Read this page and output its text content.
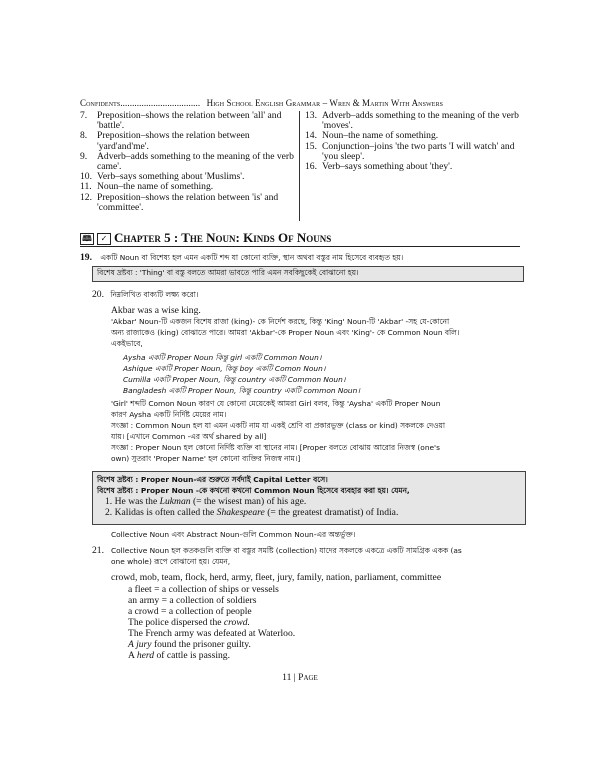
Confidents.................................. High School English Grammar – Wren & Martin With Answers
7. Preposition–shows the relation between 'all' and 'battle'.
8. Preposition–shows the relation between 'yard'and'me'.
9. Adverb–adds something to the meaning of the verb came'.
10. Verb–says something about 'Muslims'.
11. Noun–the name of something.
12. Preposition–shows the relation between 'is' and 'committee'.
13. Adverb–adds something to the meaning of the verb 'moves'.
14. Noun–the name of something.
15. Conjunction–joins 'the two parts 'I will watch' and 'you sleep'.
16. Verb–says something about 'they'.
🕮 ✓ Chapter 5 : The Noun: Kinds Of Nouns
19. একটি Noun বা বিশেষ্য হল এমন একটি শব্দ যা কোনো ব্যক্তি, স্থান অথবা বস্তুর নাম হিসেবে ব্যবহৃত হয়।
বিশেষ দ্রষ্টব্য : 'Thing' বা বস্তু বলতে আমরা ভাবতে পারি এমন সবকিছুকেই বোঝানো হয়।
20. নিম্নলিখিত বাক্যটি লক্ষ্য করো।
Akbar was a wise king.
'Akbar' Noun-টি একজন বিশেষ রাজা (king)- কে নির্দেশ করছে, কিন্তু 'King' Noun-টি 'Akbar' -সহ যে-কোনো
অন্য রাজাকেও (king) বোঝাতে পারে। আমরা 'Akbar'-কে Proper Noun এবং 'King'- কে Common Noun বলি।
একইভাবে,
Aysha একটি Proper Noun কিন্তু girl একটি Common Noun।
Ashique একটি Proper Noun, কিন্তু boy একটি Comon Noun।
Cumilla একটি Proper Noun, কিন্তু country একটি Common Noun।
Bangladesh একটি Proper Noun, কিন্তু country একটি common Noun।
'Girl' শব্দটি Comon Noun কারণ যে কোনো মেয়েকেই আমরা Girl বলব, কিন্তু 'Aysha' একটি Proper Noun
কারণ Aysha একটি নির্দিষ্ট মেয়ের নাম।
সংজ্ঞা : Common Noun হল যা এমন একটি নাম যা একই শ্রেণি বা প্রকারভুক্ত (class or kind) সকলকে দেওয়া
যায়। [এখানে Common -এর অর্থ shared by all]
সংজ্ঞা : Proper Noun হল কোনো নির্দিষ্ট ব্যক্তি বা স্থানের নাম। [Proper বলতে বোঝায় আরোর নিজস্ব (one's
own) সুতরাং 'Proper Name' হল কোনো ব্যক্তির নিজস্ব নাম।]
বিশেষ দ্রষ্টব্য : Proper Noun-এর শুরুতে সর্বদাই Capital Letter বসে।
বিশেষ দ্রষ্টব্য : Proper Noun -কে কখনো কখনো Common Noun হিসেবে ব্যবহার করা হয়। যেমন,
1. He was the Lukman (= the wisest man) of his age.
2. Kalidas is often called the Shakespeare (= the greatest dramatist) of India.
Collective Noun এবং Abstract Noun-গুলি Common Noun-এর অন্তর্ভুক্ত।
21. Collective Noun হল কতকগুলি ব্যক্তি বা বস্তুর সমষ্টি (collection) যাদের সকলকে একত্রে একটি সামগ্রিক একক (as
one whole) রূপে বোঝানো হয়। যেমন,
crowd, mob, team, flock, herd, army, fleet, jury, family, nation, parliament, committee
a fleet = a collection of ships or vessels
an army = a collection of soldiers
a crowd = a collection of people
The police dispersed the crowd.
The French army was defeated at Waterloo.
A jury found the prisoner guilty.
A herd of cattle is passing.
11 | Page
